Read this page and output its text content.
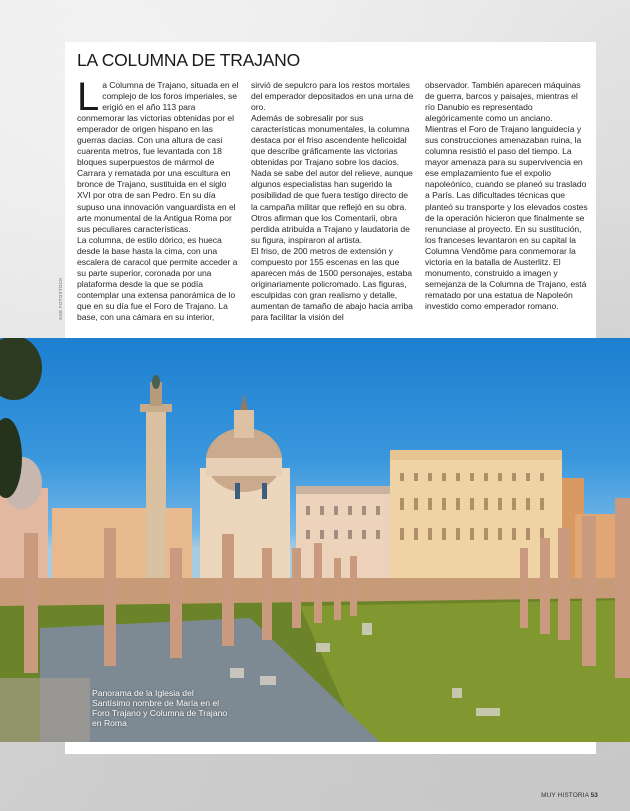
LA COLUMNA DE TRAJANO

La Columna de Trajano, situada en el complejo de los foros imperiales, se erigió en el año 113 para conmemorar las victorias obtenidas por el emperador de origen hispano en las guerras dacias. Con una altura de casi cuarenta metros, fue levantada con 18 bloques superpuestos de mármol de Carrara y rematada por una escultura en bronce de Trajano, sustituida en el siglo XVI por otra de san Pedro. En su día supuso una innovación vanguardista en el arte monumental de la Antigua Roma por sus peculiares características.

La columna, de estilo dórico, es hueca desde la base hasta la cima, con una escalera de caracol que permite acceder a su parte superior, coronada por una plataforma desde la que se podía contemplar una extensa panorámica de lo que en su día fue el Foro de Trajano. La base, con una cámara en su interior,

sirvió de sepulcro para los restos mortales del emperador depositados en una urna de oro.

Además de sobresalir por sus características monumentales, la columna destaca por el friso ascendente helicoidal que describe gráficamente las victorias obtenidas por Trajano sobre los dacios. Nada se sabe del autor del relieve, aunque algunos especialistas han sugerido la posibilidad de que fuera testigo directo de la campaña militar que reflejó en su obra. Otros afirman que los Comentarii, obra perdida atribuida a Trajano y laudatoria de su figura, inspiraron al artista.

El friso, de 200 metros de extensión y compuesto por 155 escenas en las que aparecen más de 1500 personajes, estaba originariamente policromado. Las figuras, esculpidas con gran realismo y detalle, aumentan de tamaño de abajo hacia arriba para facilitar la visión del

observador. También aparecen máquinas de guerra, barcos y paisajes, mientras el río Danubio es representado alegóricamente como un anciano.

Mientras el Foro de Trajano languidecía y sus construcciones amenazaban ruina, la columna resistió el paso del tiempo. La mayor amenaza para su supervivencia en ese emplazamiento fue el expolio napoleónico, cuando se planeó su traslado a París. Las dificultades técnicas que planteó su transporte y los elevados costes de la operación hicieron que finalmente se renunciase al proyecto. En su sustitución, los franceses levantaron en su capital la Columna Vendôme para conmemorar la victoria en la batalla de Austerlitz. El monumento, construido a imagen y semejanza de la Columna de Trajano, está rematado por una estatua de Napoleón investido como emperador romano.

AGE FOTOSTOCK
Panorama de la Iglesia del Santísimo nombre de María en el Foro Trajano y Columna de Trajano en Roma
MUY HISTORIA 53
